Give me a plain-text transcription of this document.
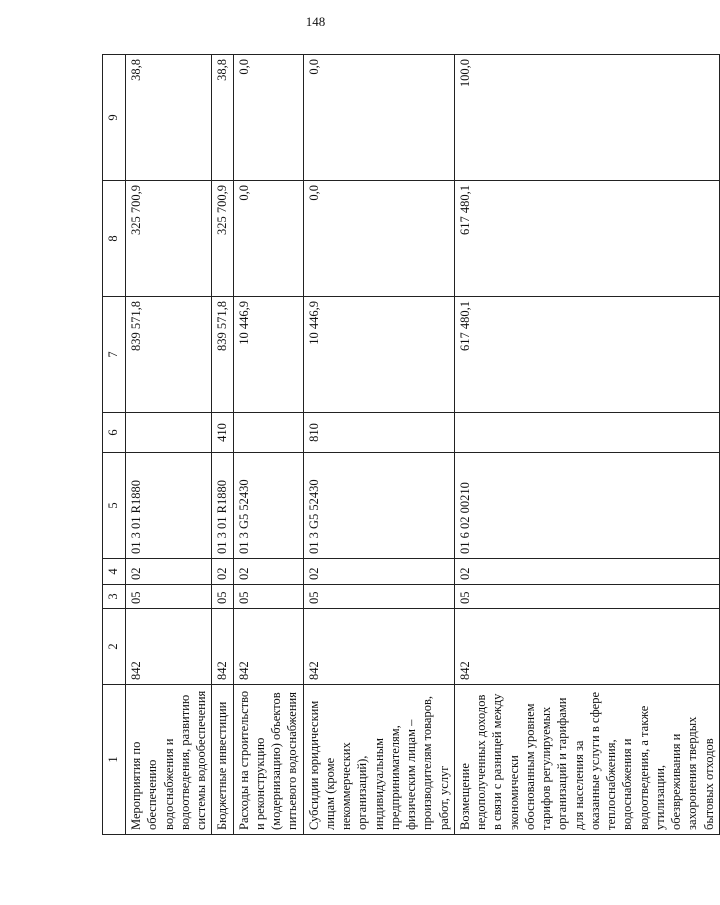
148
1	2	3	4	5	6	7	8	9
Мероприятия по обеспечению водоснабжения и водоотведения, развитию системы водообеспечения	842	05	02	01 3 01 R1880		839 571,8	325 700,9	38,8
Бюджетные инвестиции	842	05	02	01 3 01 R1880	410	839 571,8	325 700,9	38,8
Расходы на строительство и реконструкцию (модернизацию) объектов питьевого водоснабжения	842	05	02	01 3 G5 52430		10 446,9	0,0	0,0
Субсидии юридическим лицам (кроме некоммерческих организаций), индивидуальным предпринимателям, физическим лицам – производителям товаров, работ, услуг	842	05	02	01 3 G5 52430	810	10 446,9	0,0	0,0
Возмещение недополученных доходов в связи с разницей между экономически обоснованным уровнем тарифов регулируемых организаций и тарифами для населения за оказанные услуги в сфере теплоснабжения, водоснабжения и водоотведения, а также утилизации, обезвреживания и захоронения твердых бытовых отходов	842	05	02	01 6 02 00210		617 480,1	617 480,1	100,0
